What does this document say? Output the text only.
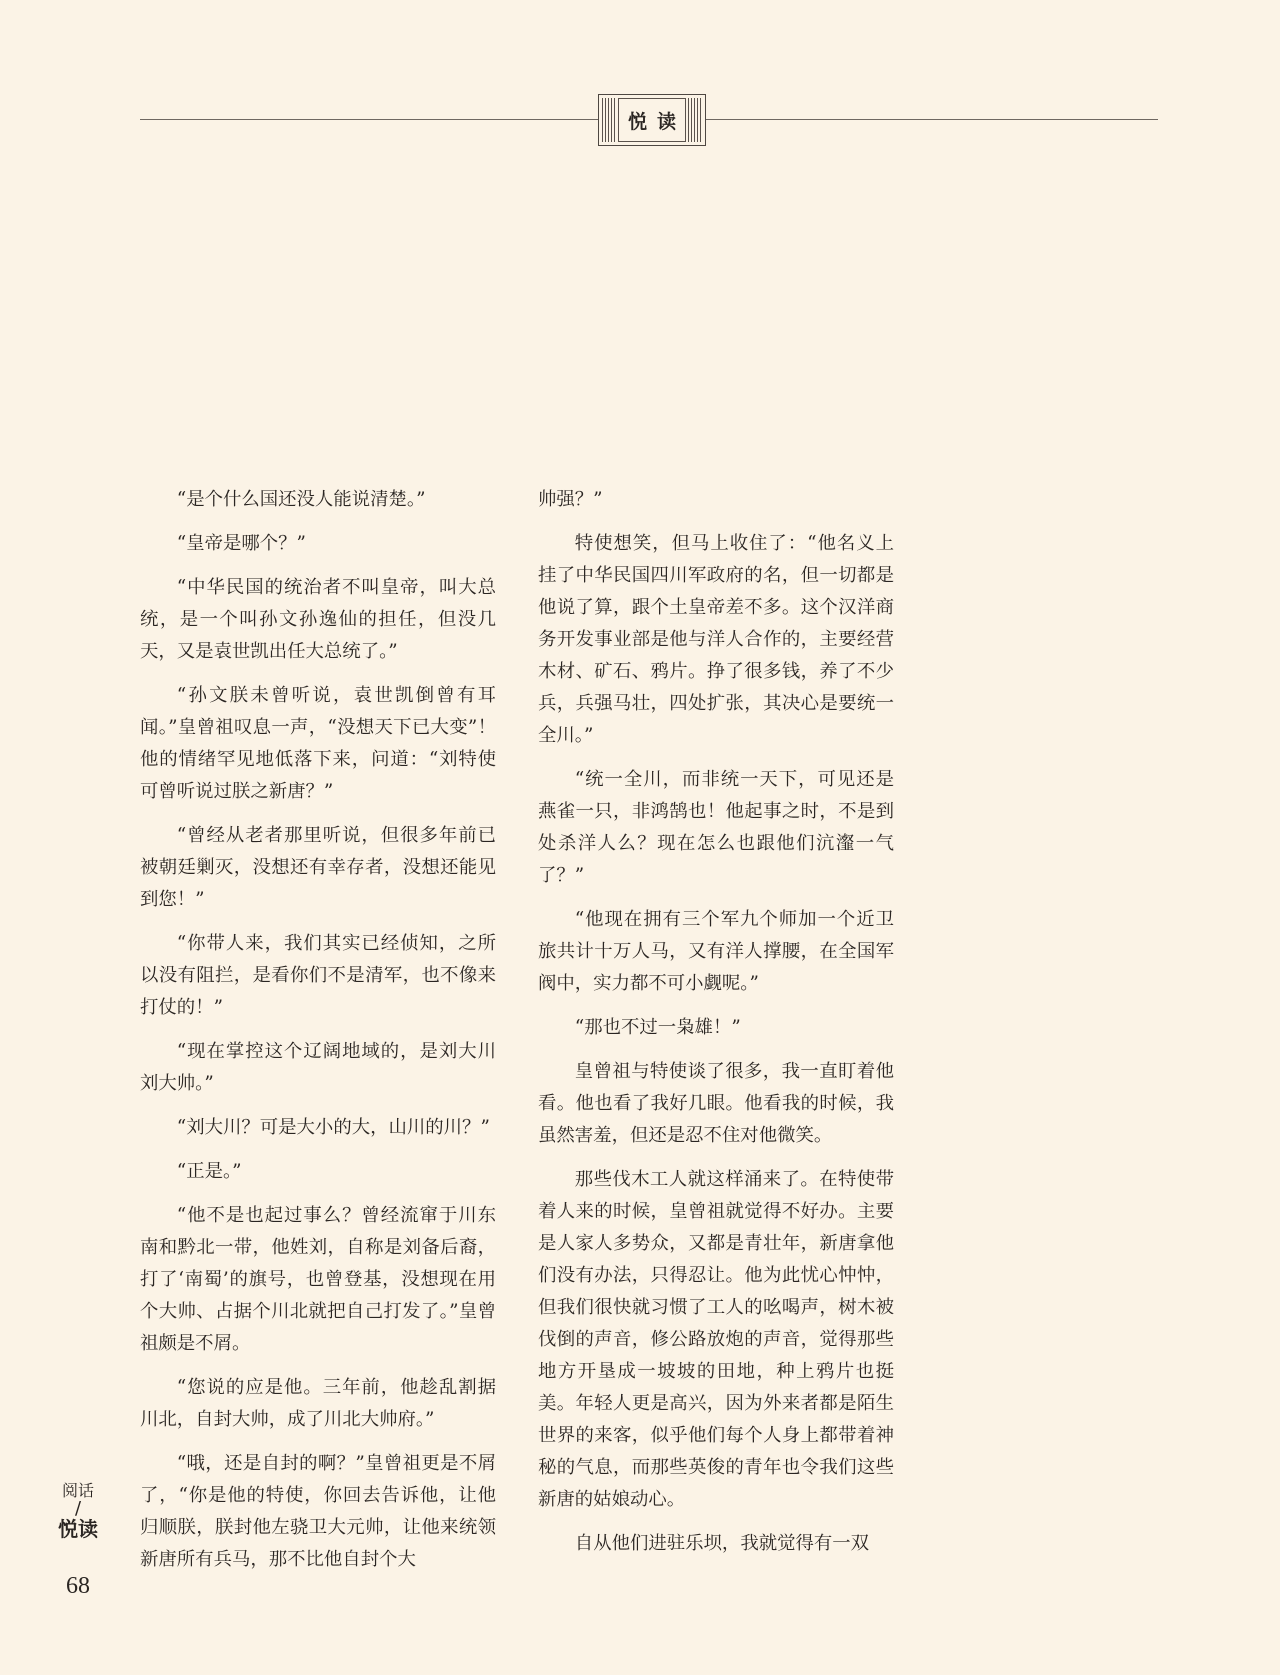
悦读

“是个什么国还没人能说清楚。”

“皇帝是哪个？”

“中华民国的统治者不叫皇帝，叫大总统，是一个叫孙文孙逸仙的担任，但没几天，又是袁世凯出任大总统了。”

“孙文朕未曾听说，袁世凯倒曾有耳闻。”皇曾祖叹息一声，“没想天下已大变”！他的情绪罕见地低落下来，问道：“刘特使可曾听说过朕之新唐？”

“曾经从老者那里听说，但很多年前已被朝廷剿灭，没想还有幸存者，没想还能见到您！”

“你带人来，我们其实已经侦知，之所以没有阻拦，是看你们不是清军，也不像来打仗的！”

“现在掌控这个辽阔地域的，是刘大川刘大帅。”

“刘大川？可是大小的大，山川的川？”

“正是。”

“他不是也起过事么？曾经流窜于川东南和黔北一带，他姓刘，自称是刘备后裔，打了‘南蜀’的旗号，也曾登基，没想现在用个大帅、占据个川北就把自己打发了。”皇曾祖颇是不屑。

“您说的应是他。三年前，他趁乱割据川北，自封大帅，成了川北大帅府。”

“哦，还是自封的啊？”皇曾祖更是不屑了，“你是他的特使，你回去告诉他，让他归顺朕，朕封他左骁卫大元帅，让他来统领新唐所有兵马，那不比他自封个大

帅强？”

特使想笑，但马上收住了：“他名义上挂了中华民国四川军政府的名，但一切都是他说了算，跟个土皇帝差不多。这个汉洋商务开发事业部是他与洋人合作的，主要经营木材、矿石、鸦片。挣了很多钱，养了不少兵，兵强马壮，四处扩张，其决心是要统一全川。”

“统一全川，而非统一天下，可见还是燕雀一只，非鸿鹄也！他起事之时，不是到处杀洋人么？现在怎么也跟他们沆瀣一气了？”

“他现在拥有三个军九个师加一个近卫旅共计十万人马，又有洋人撑腰，在全国军阀中，实力都不可小觑呢。”

“那也不过一枭雄！”

皇曾祖与特使谈了很多，我一直盯着他看。他也看了我好几眼。他看我的时候，我虽然害羞，但还是忍不住对他微笑。

那些伐木工人就这样涌来了。在特使带着人来的时候，皇曾祖就觉得不好办。主要是人家人多势众，又都是青壮年，新唐拿他们没有办法，只得忍让。他为此忧心忡忡，但我们很快就习惯了工人的吆喝声，树木被伐倒的声音，修公路放炮的声音，觉得那些地方开垦成一坡坡的田地，种上鸦片也挺美。年轻人更是高兴，因为外来者都是陌生世界的来客，似乎他们每个人身上都带着神秘的气息，而那些英俊的青年也令我们这些新唐的姑娘动心。

自从他们进驻乐坝，我就觉得有一双

阅话
/
悦读
68
